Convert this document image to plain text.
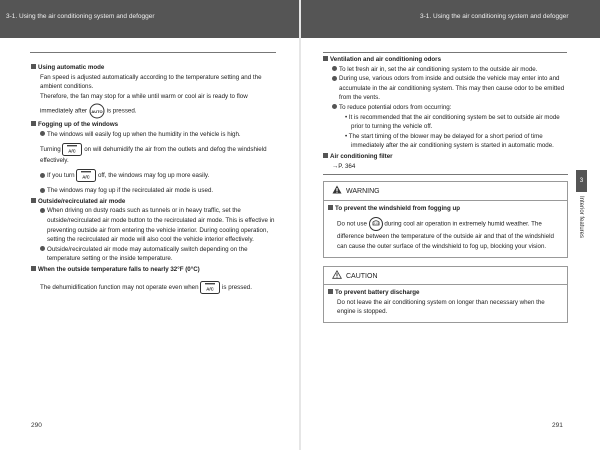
3-1. Using the air conditioning system and defogger	3-1. Using the air conditioning system and defogger
Using automatic mode
Fan speed is adjusted automatically according to the temperature setting and the ambient conditions.
Therefore, the fan may stop for a while until warm or cool air is ready to flow
immediately after AUTO is pressed.
Fogging up of the windows
The windows will easily fog up when the humidity in the vehicle is high.
Turning A/C on will dehumidify the air from the outlets and defog the windshield effectively.
If you turn A/C off, the windows may fog up more easily.
The windows may fog up if the recirculated air mode is used.
Outside/recirculated air mode
When driving on dusty roads such as tunnels or in heavy traffic, set the outside/recirculated air mode button to the recirculated air mode. This is effective in preventing outside air from entering the vehicle interior. During cooling operation, setting the recirculated air mode will also cool the vehicle interior effectively.
Outside/recirculated air mode may automatically switch depending on the temperature setting or the inside temperature.
When the outside temperature falls to nearly 32°F (0°C)
The dehumidification function may not operate even when A/C is pressed.
Ventilation and air conditioning odors
To let fresh air in, set the air conditioning system to the outside air mode.
During use, various odors from inside and outside the vehicle may enter into and accumulate in the air conditioning system. This may then cause odor to be emitted from the vents.
To reduce potential odors from occurring:
• It is recommended that the air conditioning system be set to outside air mode prior to turning the vehicle off.
• The start timing of the blower may be delayed for a short period of time immediately after the air conditioning system is started in automatic mode.
Air conditioning filter
→P. 364
WARNING
To prevent the windshield from fogging up
Do not use	during cool air operation in extremely humid weather. The difference between the temperature of the outside air and that of the windshield can cause the outer surface of the windshield to fog up, blocking your vision.
CAUTION
To prevent battery discharge
Do not leave the air conditioning system on longer than necessary when the engine is stopped.
3
Interior features
290	291
